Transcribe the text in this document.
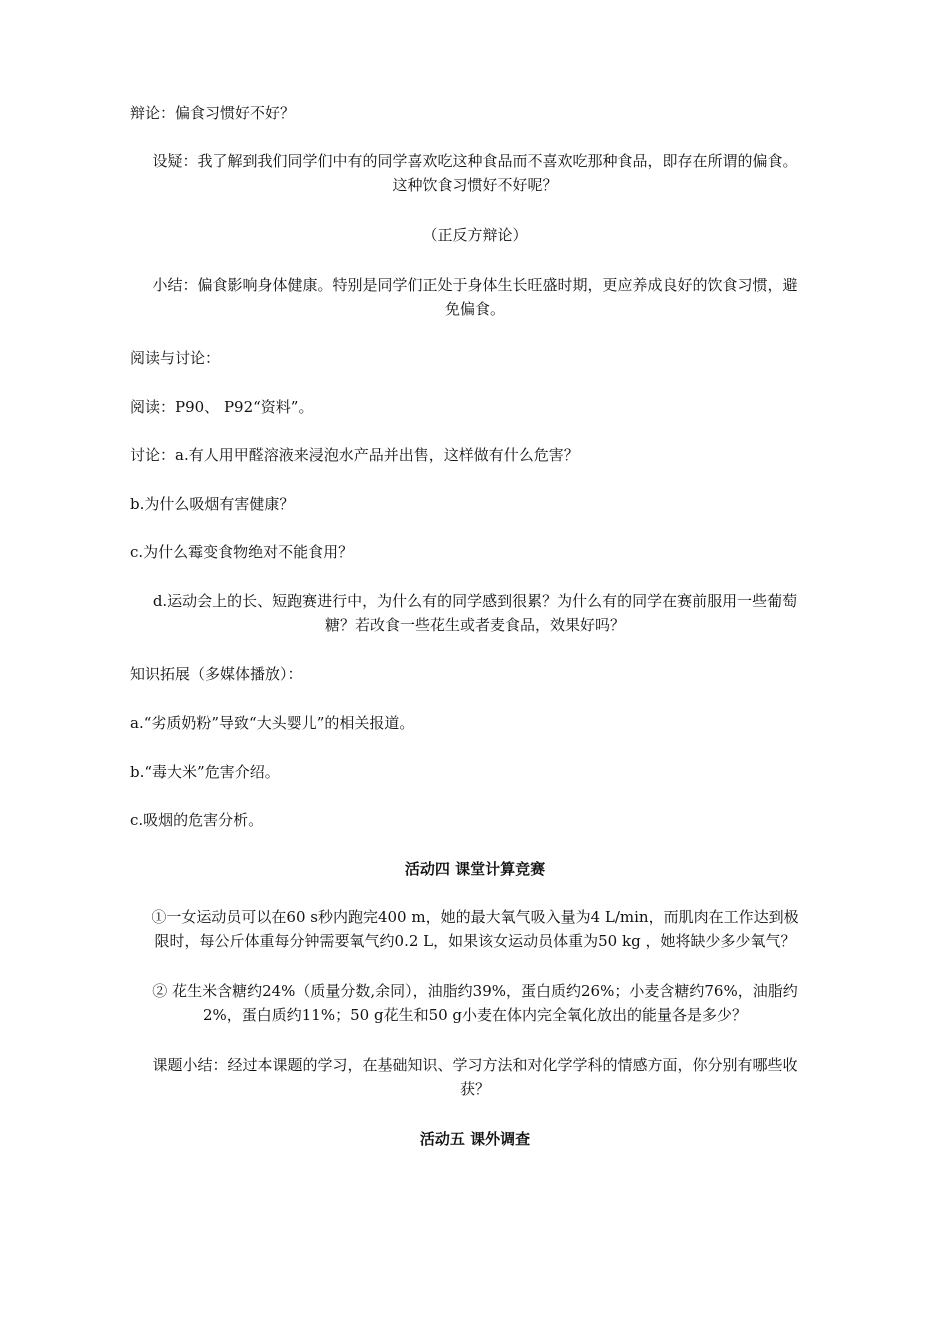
辩论：偏食习惯好不好？
设疑：我了解到我们同学们中有的同学喜欢吃这种食品而不喜欢吃那种食品，即存在所谓的偏食。
这种饮食习惯好不好呢？
（正反方辩论）
小结：偏食影响身体健康。特别是同学们正处于身体生长旺盛时期，更应养成良好的饮食习惯，避
免偏食。
阅读与讨论：
阅读：P90、 P92“资料”。
讨论：a.有人用甲醛溶液来浸泡水产品并出售，这样做有什么危害？
b.为什么吸烟有害健康？
c.为什么霉变食物绝对不能食用？
d.运动会上的长、短跑赛进行中，为什么有的同学感到很累？为什么有的同学在赛前服用一些葡萄
糖？若改食一些花生或者麦食品，效果好吗？
知识拓展（多媒体播放）：
a.“劣质奶粉”导致“大头婴儿”的相关报道。
b.“毒大米”危害介绍。
c.吸烟的危害分析。
活动四 课堂计算竞赛
①一女运动员可以在60 s秒内跑完400 m，她的最大氧气吸入量为4 L/min，而肌肉在工作达到极
限时，每公斤体重每分钟需要氧气约0.2 L，如果该女运动员体重为50 kg ，她将缺少多少氧气？
② 花生米含糖约24%（质量分数,余同），油脂约39%，蛋白质约26%；小麦含糖约76%，油脂约
2%，蛋白质约11%；50 g花生和50 g小麦在体内完全氧化放出的能量各是多少？
课题小结：经过本课题的学习，在基础知识、学习方法和对化学学科的情感方面，你分别有哪些收
获？
活动五 课外调查
